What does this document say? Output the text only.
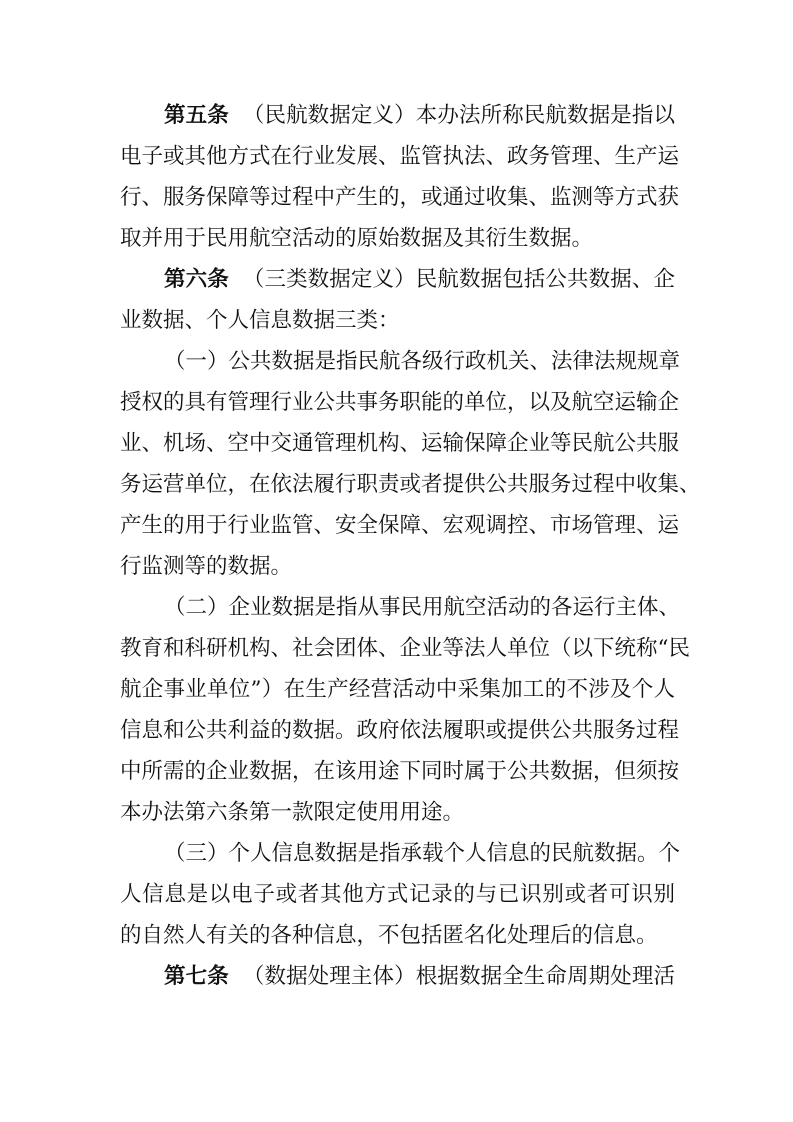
第五条 （民航数据定义）本办法所称民航数据是指以
电子或其他方式在行业发展、监管执法、政务管理、生产运
行、服务保障等过程中产生的，或通过收集、监测等方式获
取并用于民用航空活动的原始数据及其衍生数据。
第六条 （三类数据定义）民航数据包括公共数据、企
业数据、个人信息数据三类：
（一）公共数据是指民航各级行政机关、法律法规规章
授权的具有管理行业公共事务职能的单位，以及航空运输企
业、机场、空中交通管理机构、运输保障企业等民航公共服
务运营单位，在依法履行职责或者提供公共服务过程中收集、
产生的用于行业监管、安全保障、宏观调控、市场管理、运
行监测等的数据。
（二）企业数据是指从事民用航空活动的各运行主体、
教育和科研机构、社会团体、企业等法人单位（以下统称“民
航企事业单位”）在生产经营活动中采集加工的不涉及个人
信息和公共利益的数据。政府依法履职或提供公共服务过程
中所需的企业数据，在该用途下同时属于公共数据，但须按
本办法第六条第一款限定使用用途。
（三）个人信息数据是指承载个人信息的民航数据。个
人信息是以电子或者其他方式记录的与已识别或者可识别
的自然人有关的各种信息，不包括匿名化处理后的信息。
第七条 （数据处理主体）根据数据全生命周期处理活
